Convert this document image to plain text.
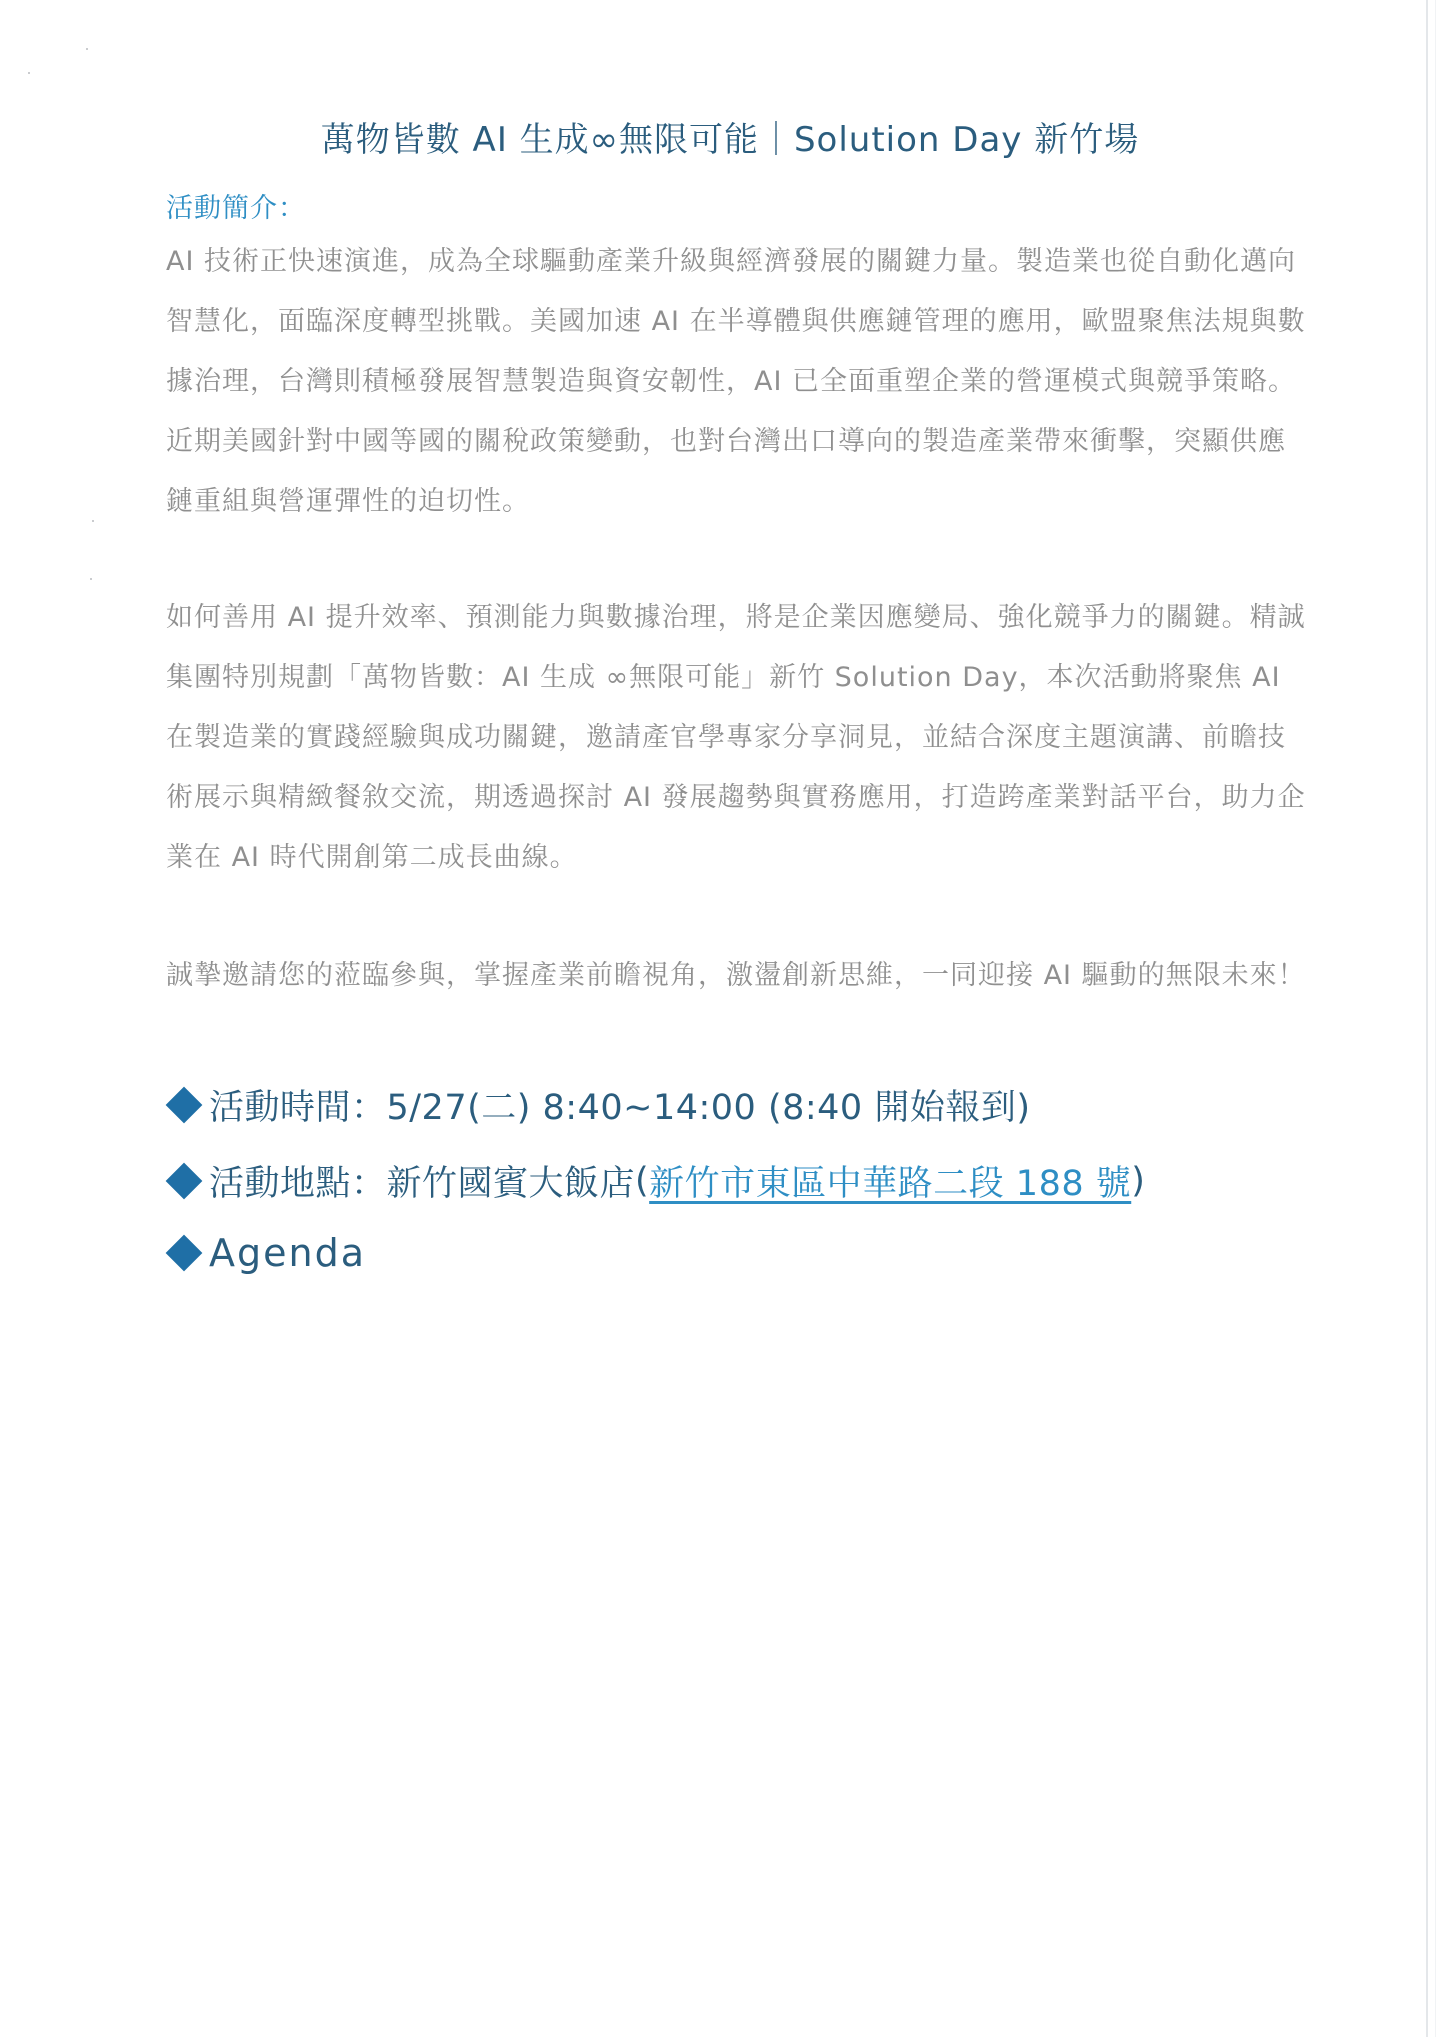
萬物皆數 AI 生成∞無限可能｜Solution Day 新竹場
活動簡介：

AI 技術正快速演進，成為全球驅動產業升級與經濟發展的關鍵力量。製造業也從自動化邁向智慧化，面臨深度轉型挑戰。美國加速 AI 在半導體與供應鏈管理的應用，歐盟聚焦法規與數據治理，台灣則積極發展智慧製造與資安韌性，AI 已全面重塑企業的營運模式與競爭策略。近期美國針對中國等國的關稅政策變動，也對台灣出口導向的製造產業帶來衝擊，突顯供應鏈重組與營運彈性的迫切性。

如何善用 AI 提升效率、預測能力與數據治理，將是企業因應變局、強化競爭力的關鍵。精誠集團特別規劃「萬物皆數：AI 生成 ∞無限可能」新竹 Solution Day，本次活動將聚焦 AI 在製造業的實踐經驗與成功關鍵，邀請產官學專家分享洞見，並結合深度主題演講、前瞻技術展示與精緻餐敘交流，期透過探討 AI 發展趨勢與實務應用，打造跨產業對話平台，助力企業在 AI 時代開創第二成長曲線。

誠摯邀請您的蒞臨參與，掌握產業前瞻視角，激盪創新思維，一同迎接 AI 驅動的無限未來！

活動時間：5/27(二) 8:40~14:00 (8:40 開始報到)
活動地點：新竹國賓大飯店 ( 新竹市東區中華路二段 188 號 )
Agenda
